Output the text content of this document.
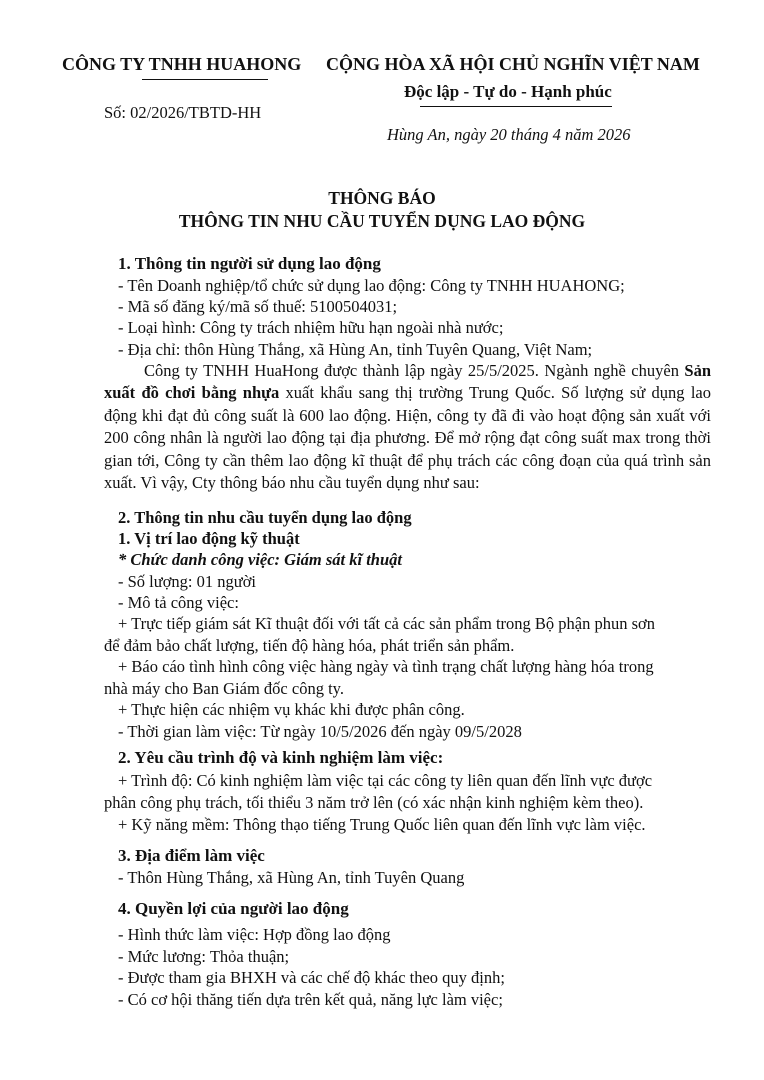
CÔNG TY TNHH HUAHONG CỘNG HÒA XÃ HỘI CHỦ NGHĨN VIỆT NAM
Độc lập - Tự do - Hạnh phúc
Số: 02/2026/TBTD-HH
Hùng An, ngày 20 tháng 4 năm 2026
THÔNG BÁO
THÔNG TIN NHU CẦU TUYỂN DỤNG LAO ĐỘNG
1. Thông tin người sử dụng lao động
- Tên Doanh nghiệp/tổ chức sử dụng lao động: Công ty TNHH HUAHONG;
- Mã số đăng ký/mã số thuế: 5100504031;
- Loại hình: Công ty trách nhiệm hữu hạn ngoài nhà nước;
- Địa chỉ: thôn Hùng Thắng, xã Hùng An, tỉnh Tuyên Quang, Việt Nam;

Công ty TNHH HuaHong được thành lập ngày 25/5/2025. Ngành nghề chuyên Sản xuất đồ chơi bằng nhựa xuất khẩu sang thị trường Trung Quốc. Số lượng sử dụng lao động khi đạt đủ công suất là 600 lao động. Hiện, công ty đã đi vào hoạt động sản xuất với 200 công nhân là người lao động tại địa phương. Để mở rộng đạt công suất max trong thời gian tới, Công ty cần thêm lao động kĩ thuật để phụ trách các công đoạn của quá trình sản xuất. Vì vậy, Cty thông báo nhu cầu tuyển dụng như sau:

2. Thông tin nhu cầu tuyển dụng lao động
1. Vị trí lao động kỹ thuật
* Chức danh công việc: Giám sát kĩ thuật
- Số lượng: 01 người
- Mô tả công việc:
+ Trực tiếp giám sát Kĩ thuật đối với tất cả các sản phẩm trong Bộ phận phun sơn
để đảm bảo chất lượng, tiến độ hàng hóa, phát triển sản phẩm.
+ Báo cáo tình hình công việc hàng ngày và tình trạng chất lượng hàng hóa trong
nhà máy cho Ban Giám đốc công ty.
+ Thực hiện các nhiệm vụ khác khi được phân công.
- Thời gian làm việc: Từ ngày 10/5/2026 đến ngày 09/5/2028
2. Yêu cầu trình độ và kinh nghiệm làm việc:
+ Trình độ: Có kinh nghiệm làm việc tại các công ty liên quan đến lĩnh vực được
phân công phụ trách, tối thiểu 3 năm trở lên (có xác nhận kinh nghiệm kèm theo).
+ Kỹ năng mềm: Thông thạo tiếng Trung Quốc liên quan đến lĩnh vực làm việc.
3. Địa điểm làm việc
- Thôn Hùng Thắng, xã Hùng An, tỉnh Tuyên Quang
4. Quyền lợi của người lao động
- Hình thức làm việc: Hợp đồng lao động
- Mức lương: Thỏa thuận;
- Được tham gia BHXH và các chế độ khác theo quy định;
- Có cơ hội thăng tiến dựa trên kết quả, năng lực làm việc;
